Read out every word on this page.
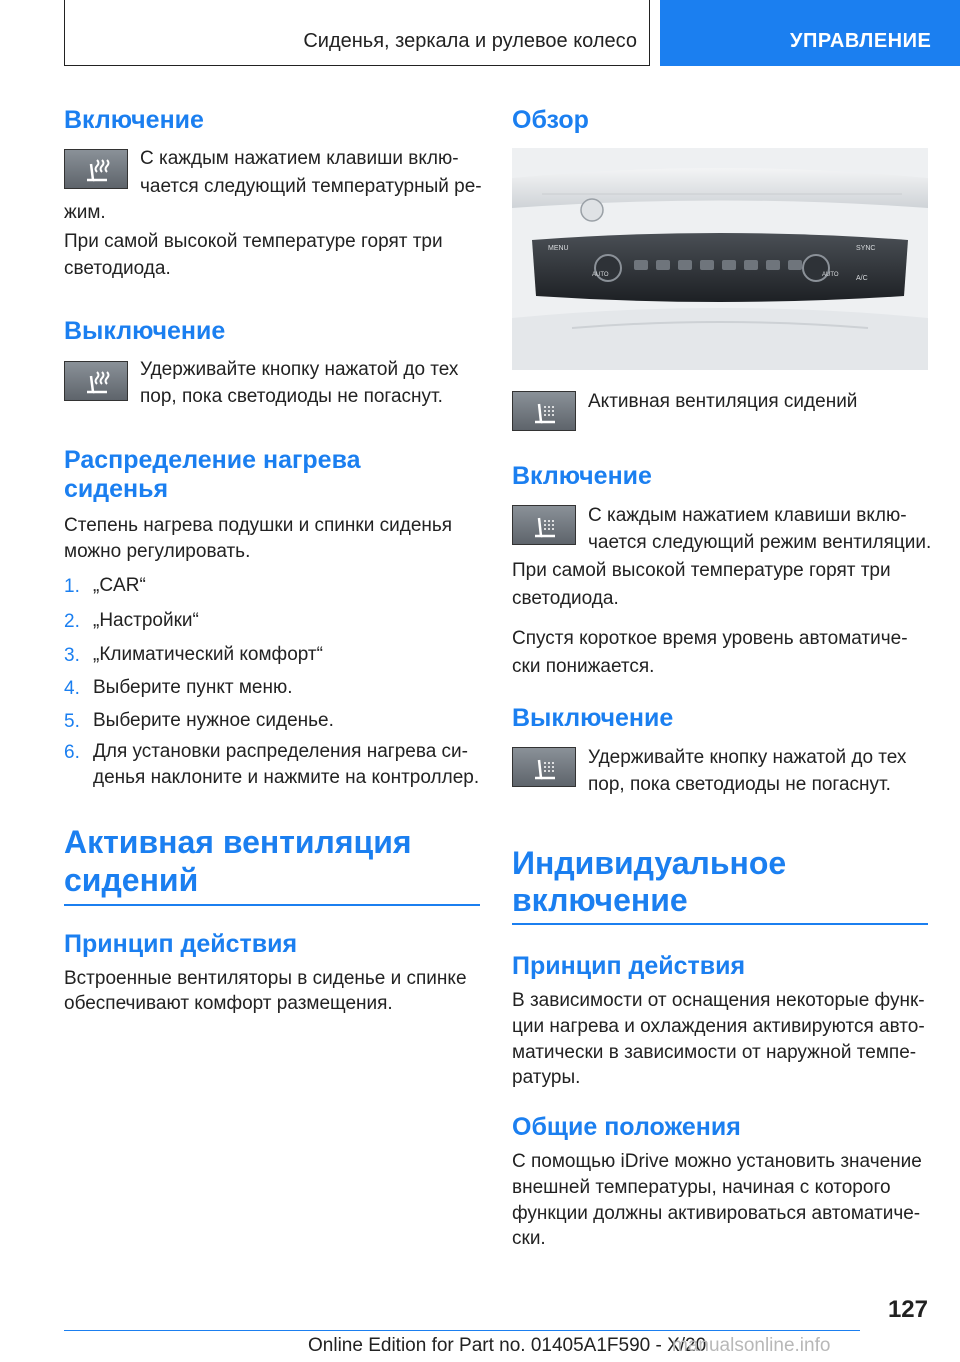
Сиденья, зеркала и рулевое колесо	УПРАВЛЕНИЕ
Включение
С каждым нажатием клавиши вклю-
чается следующий температурный ре-
жим.
При самой высокой температуре горят три
светодиода.
Выключение
Удерживайте кнопку нажатой до тех
пор, пока светодиоды не погаснут.
Распределение нагрева
сиденья
Степень нагрева подушки и спинки сиденья
можно регулировать.
1. „CAR“
2. „Настройки“
3. „Климатический комфорт“
4. Выберите пункт меню.
5. Выберите нужное сиденье.
6. Для установки распределения нагрева си-
денья наклоните и нажмите на контроллер.
Активная вентиляция
сидений
Принцип действия
Встроенные вентиляторы в сиденье и спинке
обеспечивают комфорт размещения.
Обзор
MENU
AUTO	AUTO
SYNC
A/C
Активная вентиляция сидений
Включение
С каждым нажатием клавиши вклю-
чается следующий режим вентиляции.
При самой высокой температуре горят три
светодиода.
Спустя короткое время уровень автоматиче-
ски понижается.
Выключение
Удерживайте кнопку нажатой до тех
пор, пока светодиоды не погаснут.
Индивидуальное
включение
Принцип действия
В зависимости от оснащения некоторые функ-
ции нагрева и охлаждения активируются авто-
матически в зависимости от наружной темпе-
ратуры.
Общие положения
С помощью iDrive можно установить значение
внешней температуры, начиная с которого
функции должны активироваться автоматиче-
ски.
127
Online Edition for Part no. 01405A1F590 - X/20
manualsonline.info
